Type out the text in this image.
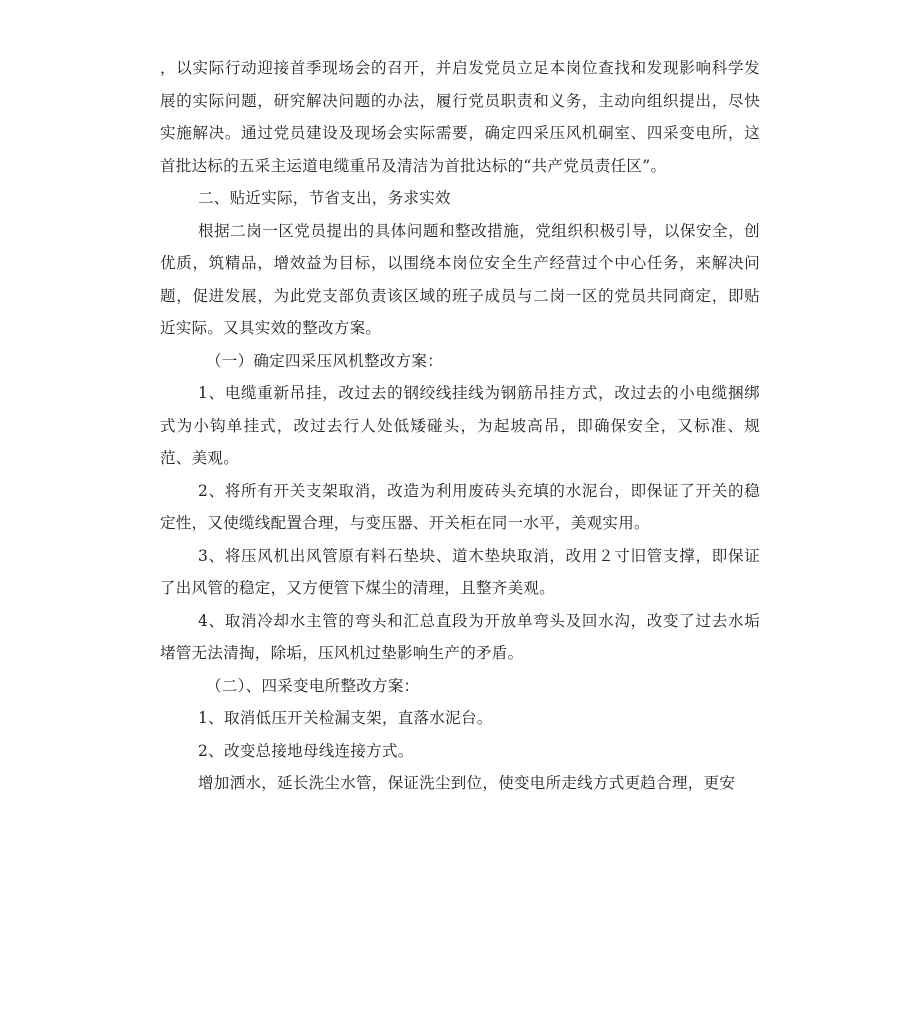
，以实际行动迎接首季现场会的召开，并启发党员立足本岗位查找和发现影响科学发展的实际问题，研究解决问题的办法，履行党员职责和义务，主动向组织提出，尽快实施解决。通过党员建设及现场会实际需要，确定四采压风机硐室、四采变电所，这首批达标的五采主运道电缆重吊及清洁为首批达标的“共产党员责任区”。

二、贴近实际，节省支出，务求实效

根据二岗一区党员提出的具体问题和整改措施，党组织积极引导，以保安全，创优质，筑精品，增效益为目标，以围绕本岗位安全生产经营过个中心任务，来解决问题，促进发展，为此党支部负责该区域的班子成员与二岗一区的党员共同商定，即贴近实际。又具实效的整改方案。

（一）确定四采压风机整改方案：

1、电缆重新吊挂，改过去的钢绞线挂线为钢筋吊挂方式，改过去的小电缆捆绑式为小钩单挂式，改过去行人处低矮碰头，为起坡高吊，即确保安全，又标准、规范、美观。

2、将所有开关支架取消，改造为利用废砖头充填的水泥台，即保证了开关的稳定性，又使缆线配置合理，与变压器、开关柜在同一水平，美观实用。

3、将压风机出风管原有料石垫块、道木垫块取消，改用２寸旧管支撑，即保证了出风管的稳定，又方便管下煤尘的清理，且整齐美观。

4、取消冷却水主管的弯头和汇总直段为开放单弯头及回水沟，改变了过去水垢堵管无法清掏，除垢，压风机过垫影响生产的矛盾。

（二）、四采变电所整改方案：

1、取消低压开关检漏支架，直落水泥台。

2、改变总接地母线连接方式。

增加洒水，延长洗尘水管，保证洗尘到位，使变电所走线方式更趋合理，更安
